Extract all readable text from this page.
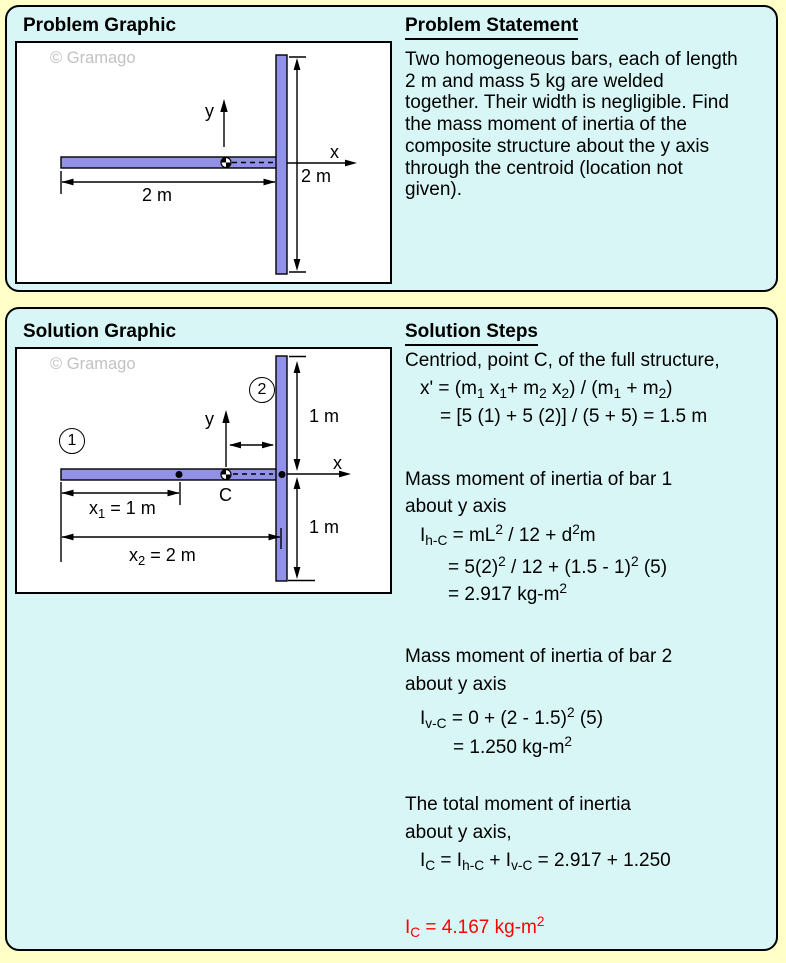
Problem Graphic
© Gramago
y
x
2 m
2 m
Problem Statement
Two homogeneous bars, each of length
2 m and mass 5 kg are welded
together. Their width is negligible. Find
the mass moment of inertia of the
composite structure about the y axis
through the centroid (location not
given).
Solution Graphic
© Gramago
1
2
y
x
C
$x_1 = 1$ m
$x_2 = 2$ m
1 m
1 m
Solution Steps
Centriod, point C, of the full structure,
$x' = (m_1$ $x_1+ m_2$ $x_2) / (m_1 + m_2)$
= [5 (1) + 5 (2)] / (5 + 5) = 1.5 m
Mass moment of inertia of bar 1
about y axis
$I_{h-C} = mL^2 / 12 + d^2m$
= $5(2)^2 / 12 + (1.5 - 1)^2$ (5)
= 2.917 $kg-m^2$
Mass moment of inertia of bar 2
about y axis
$I_{v-C} = 0 + (2 - 1.5)^2$ (5)
= 1.250 $kg-m^2$
The total moment of inertia
about y axis,
$I_C = I_{h-C} + I_{v-C} = 2.917 + 1.250$
$I_C = 4.167$ $kg-m^2$
